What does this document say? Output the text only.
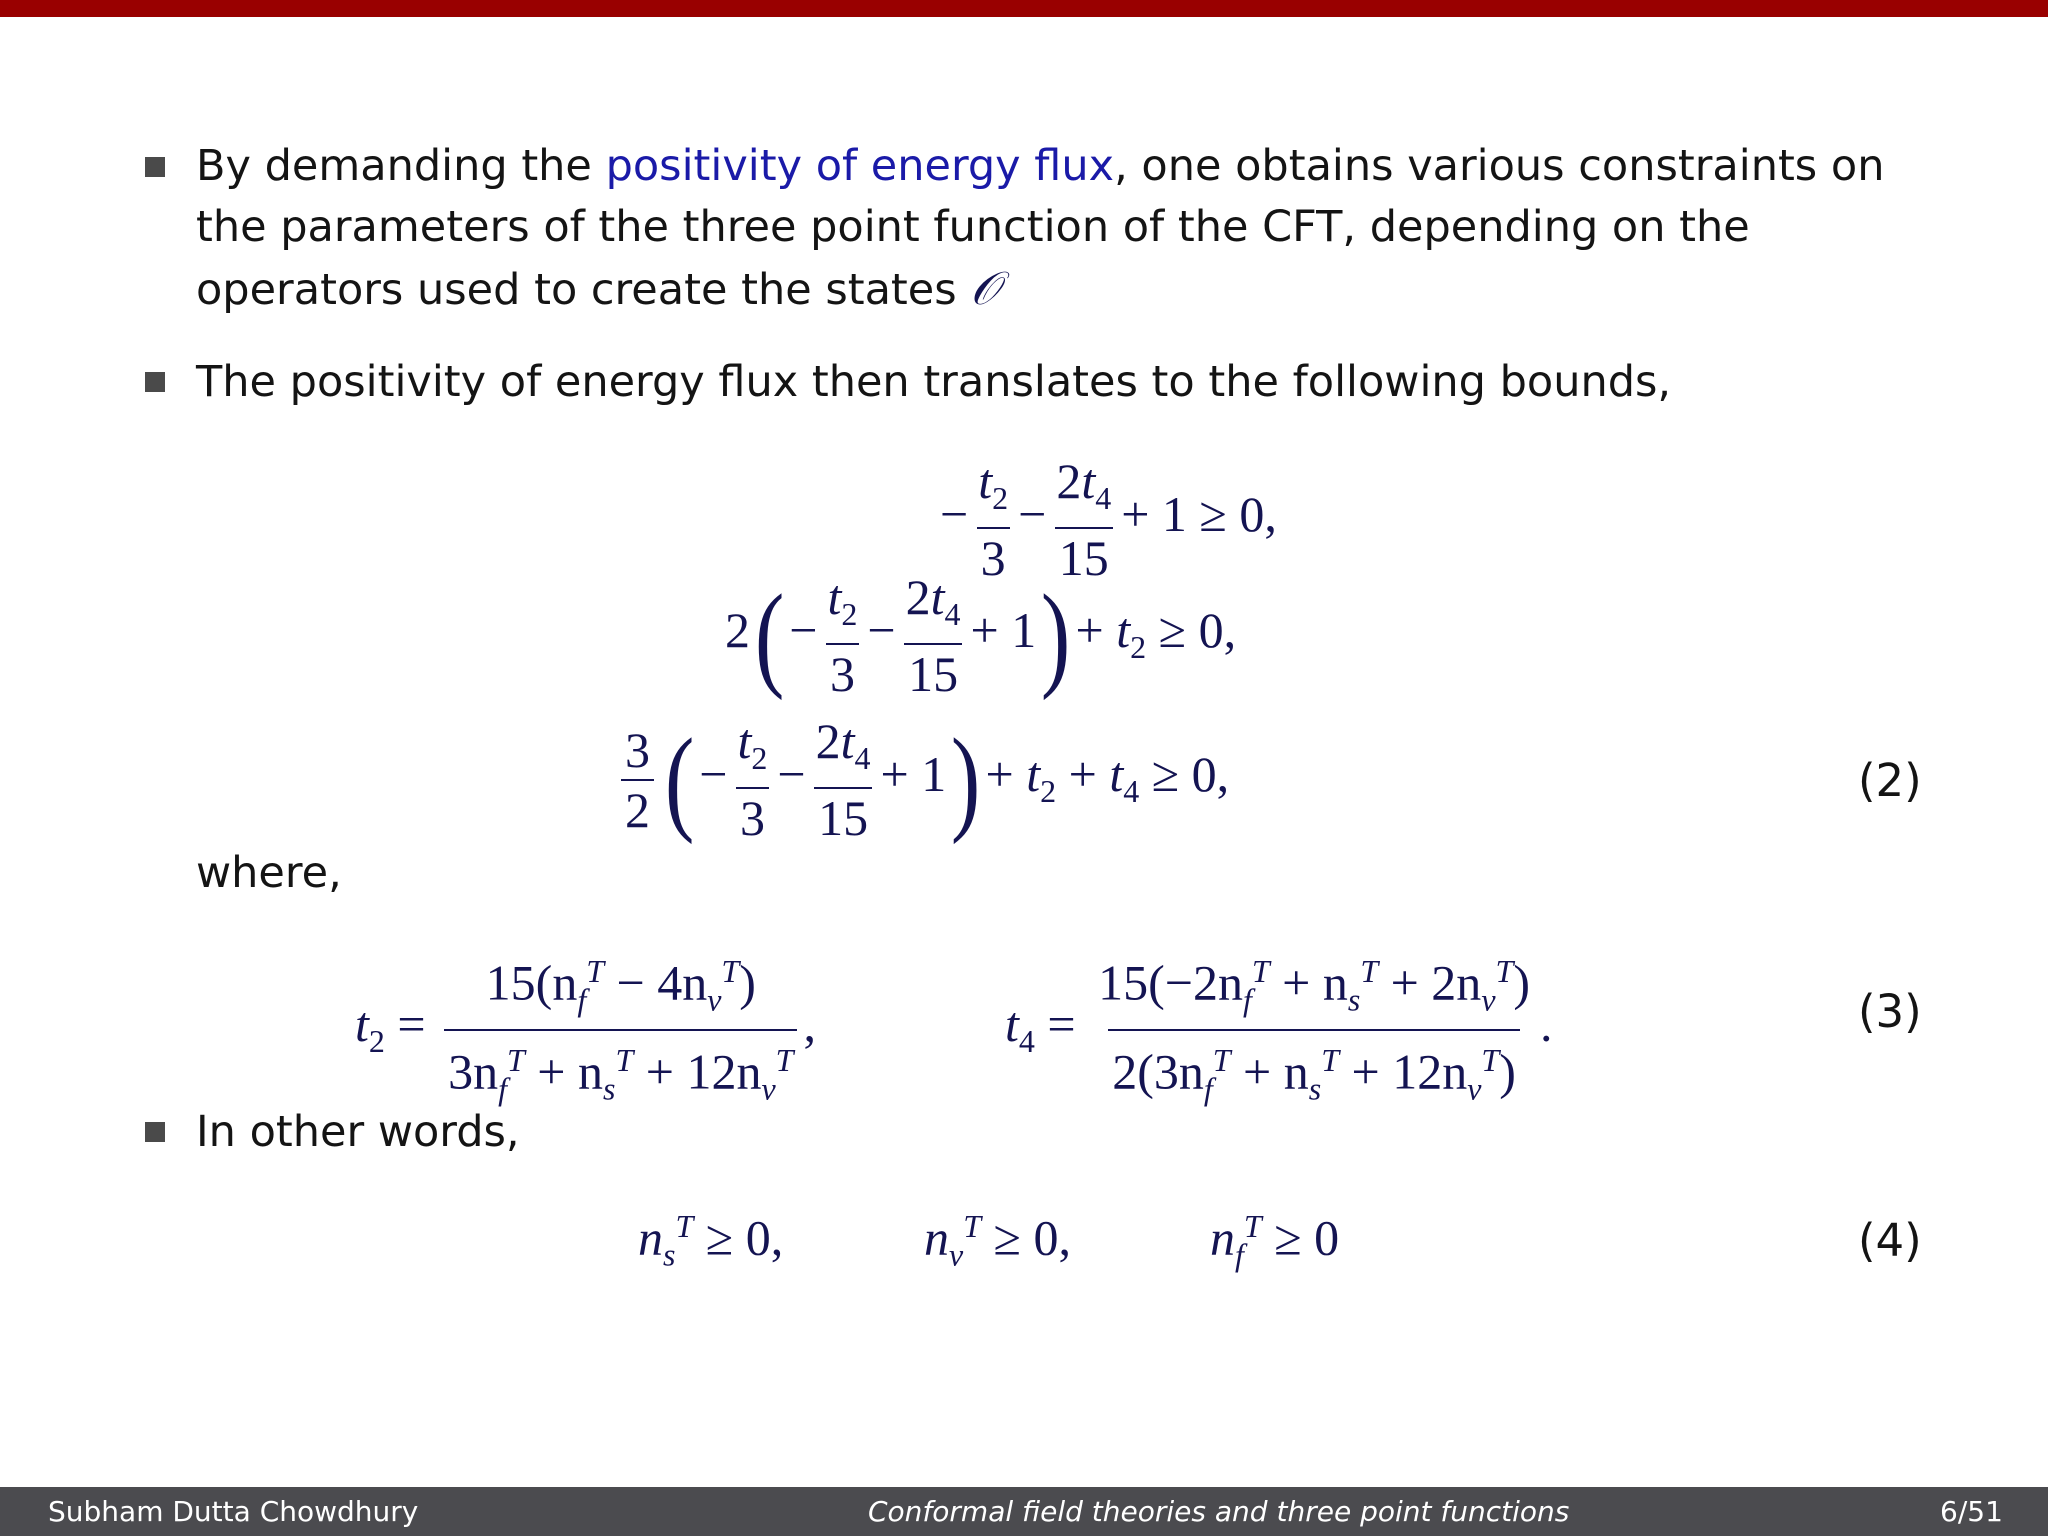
By demanding the positivity of energy flux, one obtains various constraints on the parameters of the three point function of the CFT, depending on the operators used to create the states 𝒪
The positivity of energy flux then translates to the following bounds,
− $\frac{t_2}{3} - \frac{2t_4}{15} + 1 \ge 0$,
$2(- \frac{t_2}{3} - \frac{2t_4}{15} + 1)+ t_2 \ge 0$,
$\frac{3}{2}$ (− $\frac{t_2}{3} - \frac{2t_4}{15} + 1)+ t_2 + t_4 \ge 0$,	(2)
where,
$t_2 = \frac{15(n_f^T - 4n_v^T)}{3n_f^T + n_s^T + 12n_v^T}$ ,	$t_4 = \frac{15(-2n_f^T + n_s^T + 2n_v^T)}{2(3n_f^T + n_s^T + 12n_v^T)}$ .	(3)
In other words,
$n_s^T \ge 0$,	$n_v^T \ge 0$,	$n_f^T \ge 0$	(4)
Subham Dutta Chowdhury	Conformal field theories and three point functions	6/51
